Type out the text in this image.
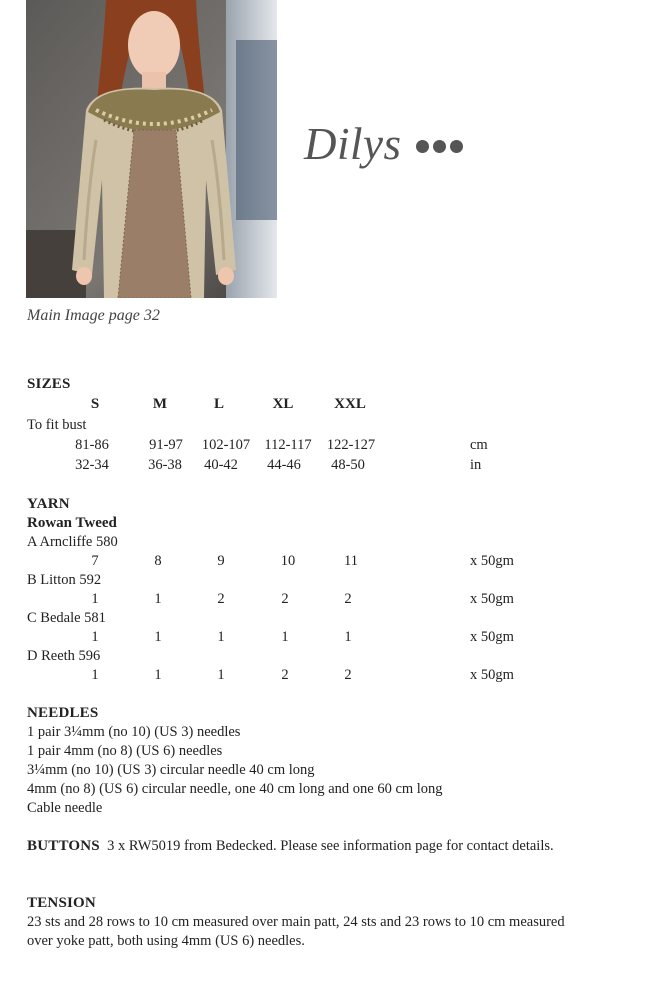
Main Image page 32
Dilys
SIZES
S	M	L	XL	XXL
To fit bust
81-86	91-97	102-107 112-117	122-127	cm
32-34	36-38	40-42	44-46	48-50	in
YARN
Rowan Tweed
A Arncliffe 580
7	8	9	10	11	x 50gm
B Litton 592
1	1	2	2	2	x 50gm
C Bedale 581
1	1	1	1	1	x 50gm
D Reeth 596
1	1	1	2	2	x 50gm
NEEDLES
1 pair 3¼mm (no 10) (US 3) needles
1 pair 4mm (no 8) (US 6) needles
3¼mm (no 10) (US 3) circular needle 40 cm long
4mm (no 8) (US 6) circular needle, one 40 cm long and one 60 cm long
Cable needle
BUTTONS 3 x RW5019 from Bedecked. Please see information page for contact details.
TENSION
23 sts and 28 rows to 10 cm measured over main patt, 24 sts and 23 rows to 10 cm measured over yoke patt, both using 4mm (US 6) needles.
